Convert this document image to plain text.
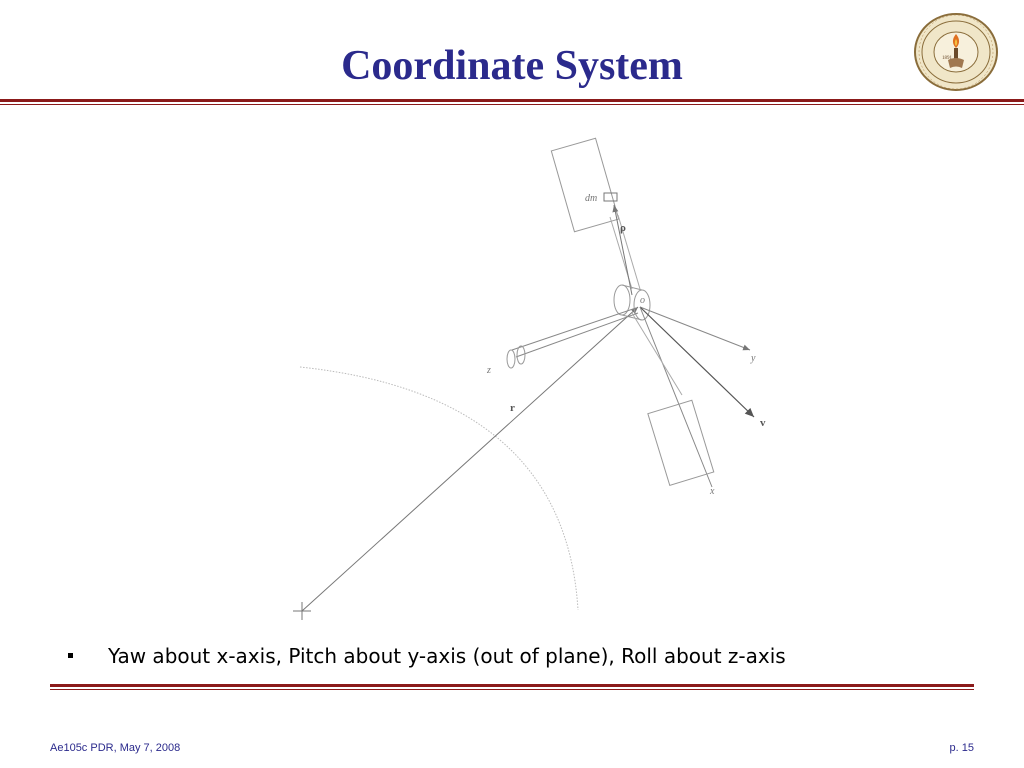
Coordinate System	1891
dm
ρ
o
z
y
v
x
r
Yaw about x-axis, Pitch about y-axis (out of plane), Roll about z-axis
Ae105c PDR, May 7, 2008	p. 15
